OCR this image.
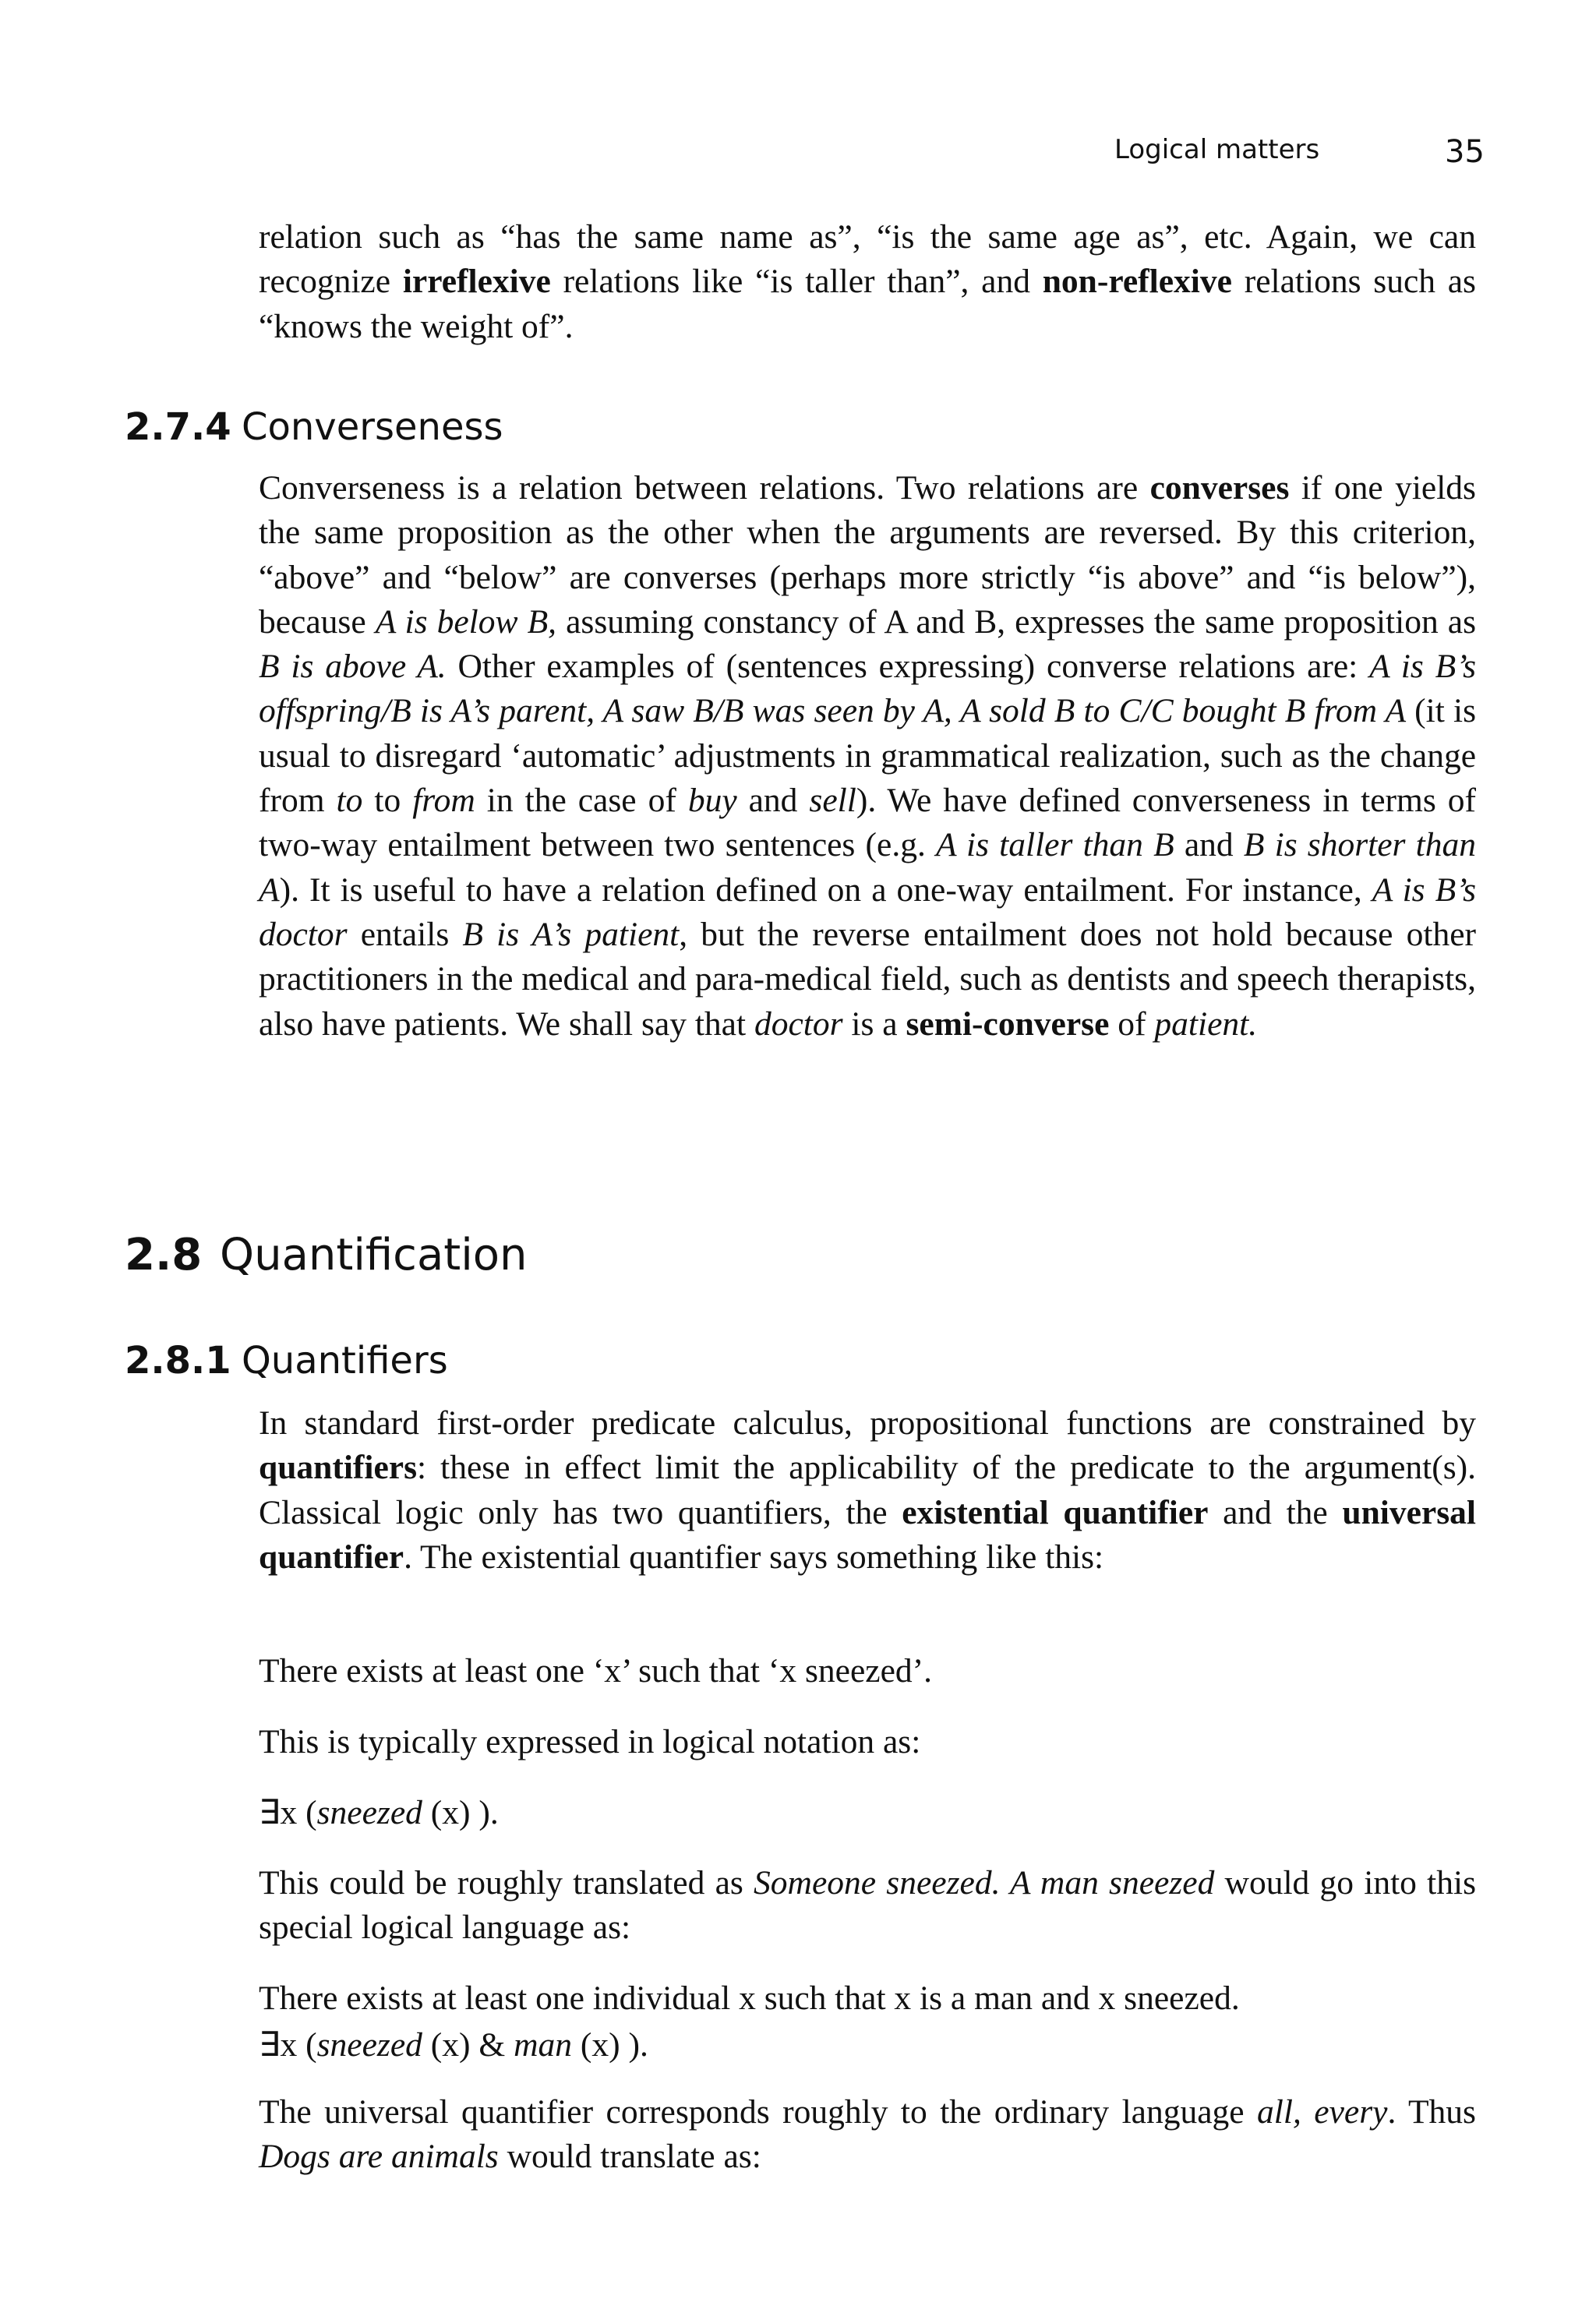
Logical matters	35

relation such as “has the same name as”, “is the same age as”, etc. Again, we can recognize irreflexive relations like “is taller than”, and non-reflexive relations such as “knows the weight of”.

2.7.4 Converseness

Converseness is a relation between relations. Two relations are converses if one yields the same proposition as the other when the arguments are reversed. By this criterion, “above” and “below” are converses (perhaps more strictly “is above” and “is below”), because A is below B, assuming constancy of A and B, expresses the same proposition as B is above A. Other examples of (sentences expressing) converse relations are: A is B’s offspring/B is A’s parent, A saw B/B was seen by A, A sold B to C/C bought B from A (it is usual to disregard ‘automatic’ adjustments in grammatical realization, such as the change from to to from in the case of buy and sell). We have defined converseness in terms of two-way entailment between two sentences (e.g. A is taller than B and B is shorter than A). It is useful to have a relation defined on a one-way entailment. For instance, A is B’s doctor entails B is A’s patient, but the reverse entailment does not hold because other practitioners in the medical and para-medical field, such as dentists and speech therapists, also have patients. We shall say that doctor is a semi-converse of patient.

2.8 Quantification
2.8.1 Quantifiers

In standard first-order predicate calculus, propositional functions are constrained by quantifiers: these in effect limit the applicability of the predicate to the argument(s). Classical logic only has two quantifiers, the existential quantifier and the universal quantifier. The existential quantifier says something like this:

There exists at least one ‘x’ such that ‘x sneezed’.
This is typically expressed in logical notation as:
∃x (sneezed (x) ).

This could be roughly translated as Someone sneezed. A man sneezed would go into this special logical language as:

There exists at least one individual x such that x is a man and x sneezed.
∃x (sneezed (x) & man (x) ).

The universal quantifier corresponds roughly to the ordinary language all, every. Thus Dogs are animals would translate as:
